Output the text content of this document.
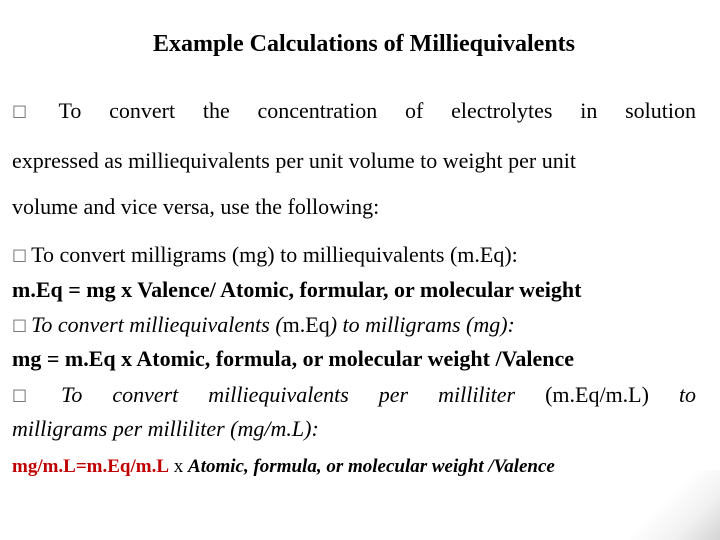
Example Calculations of Milliequivalents
□ To convert the concentration of electrolytes in solution
expressed as milliequivalents per unit volume to weight per unit
volume and vice versa, use the following:
□ To convert milligrams (mg) to milliequivalents (m.Eq):
m.Eq = mg x Valence/ Atomic, formular, or molecular weight
□ To convert milliequivalents (m.Eq) to milligrams (mg):
mg = m.Eq x Atomic, formula, or molecular weight /Valence
□ To convert milliequivalents per milliliter (m.Eq/m.L) to
milligrams per milliliter (mg/m.L):
mg/m.L=m.Eq/m.L x Atomic, formula, or molecular weight /Valence
